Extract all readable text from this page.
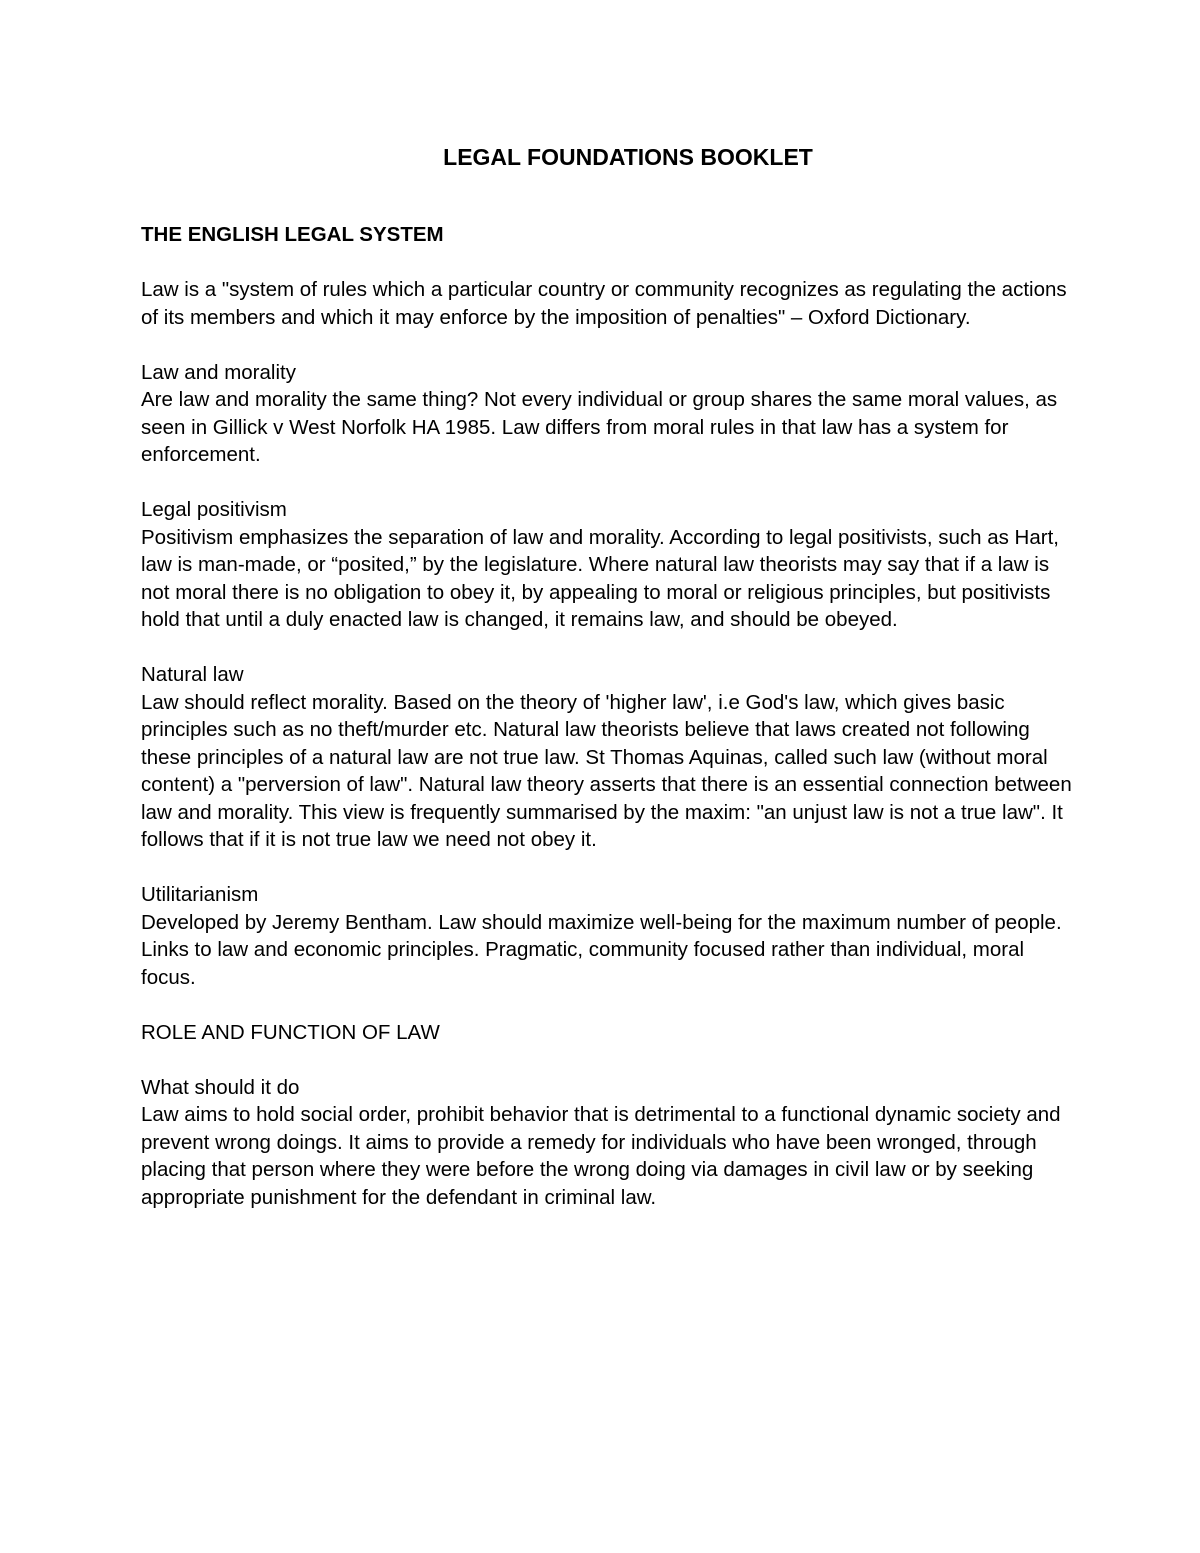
LEGAL FOUNDATIONS BOOKLET
THE ENGLISH LEGAL SYSTEM

Law is a "system of rules which a particular country or community recognizes as regulating the actions of its members and which it may enforce by the imposition of penalties" – Oxford Dictionary.

Law and morality

Are law and morality the same thing? Not every individual or group shares the same moral values, as seen in Gillick v West Norfolk HA 1985. Law differs from moral rules in that law has a system for enforcement.

Legal positivism

Positivism emphasizes the separation of law and morality. According to legal positivists, such as Hart, law is man-made, or “posited,” by the legislature. Where natural law theorists may say that if a law is not moral there is no obligation to obey it, by appealing to moral or religious principles, but positivists hold that until a duly enacted law is changed, it remains law, and should be obeyed.

Natural law

Law should reflect morality. Based on the theory of 'higher law', i.e God's law, which gives basic principles such as no theft/murder etc. Natural law theorists believe that laws created not following these principles of a natural law are not true law. St Thomas Aquinas, called such law (without moral content) a "perversion of law". Natural law theory asserts that there is an essential connection between law and morality. This view is frequently summarised by the maxim: "an unjust law is not a true law". It follows that if it is not true law we need not obey it.

Utilitarianism

Developed by Jeremy Bentham. Law should maximize well-being for the maximum number of people. Links to law and economic principles. Pragmatic, community focused rather than individual, moral focus.

ROLE AND FUNCTION OF LAW

What should it do

Law aims to hold social order, prohibit behavior that is detrimental to a functional dynamic society and prevent wrong doings. It aims to provide a remedy for individuals who have been wronged, through placing that person where they were before the wrong doing via damages in civil law or by seeking appropriate punishment for the defendant in criminal law.
